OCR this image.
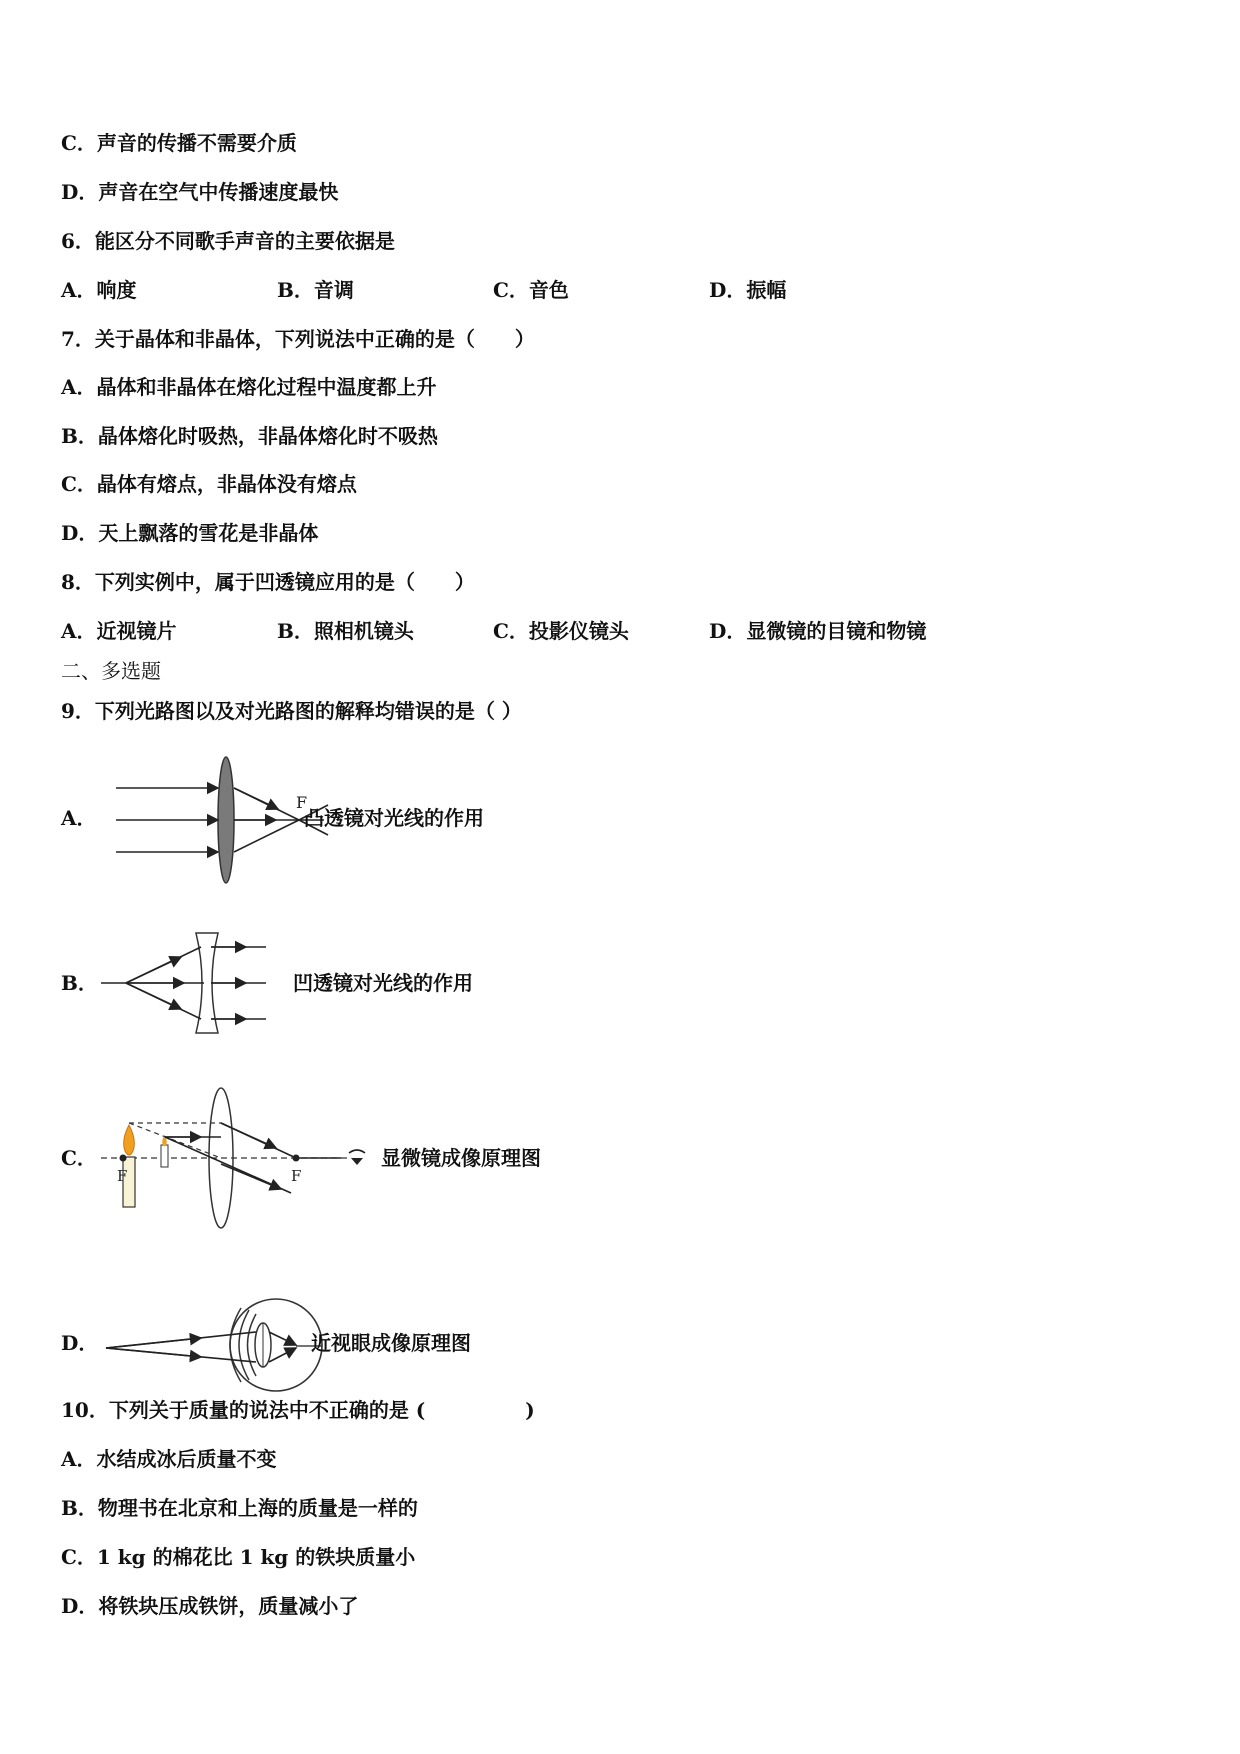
C．声音的传播不需要介质
D．声音在空气中传播速度最快
6．能区分不同歌手声音的主要依据是
A．响度	B．音调	C．音色	D．振幅
7．关于晶体和非晶体，下列说法中正确的是（　　）
A．晶体和非晶体在熔化过程中温度都上升
B．晶体熔化时吸热，非晶体熔化时不吸热
C．晶体有熔点，非晶体没有熔点
D．天上飘落的雪花是非晶体
8．下列实例中，属于凹透镜应用的是（　　）
A．近视镜片	B．照相机镜头	C．投影仪镜头	D．显微镜的目镜和物镜
二、多选题
9．下列光路图以及对光路图的解释均错误的是（ ）
A．
F
凸透镜对光线的作用
B．	凹透镜对光线的作用
C．
F	F
显微镜成像原理图
D．	近视眼成像原理图
10．下列关于质量的说法中不正确的是 (　　　　　)
A．水结成冰后质量不变
B．物理书在北京和上海的质量是一样的
C．1 kg 的棉花比 1 kg 的铁块质量小
D．将铁块压成铁饼，质量减小了
